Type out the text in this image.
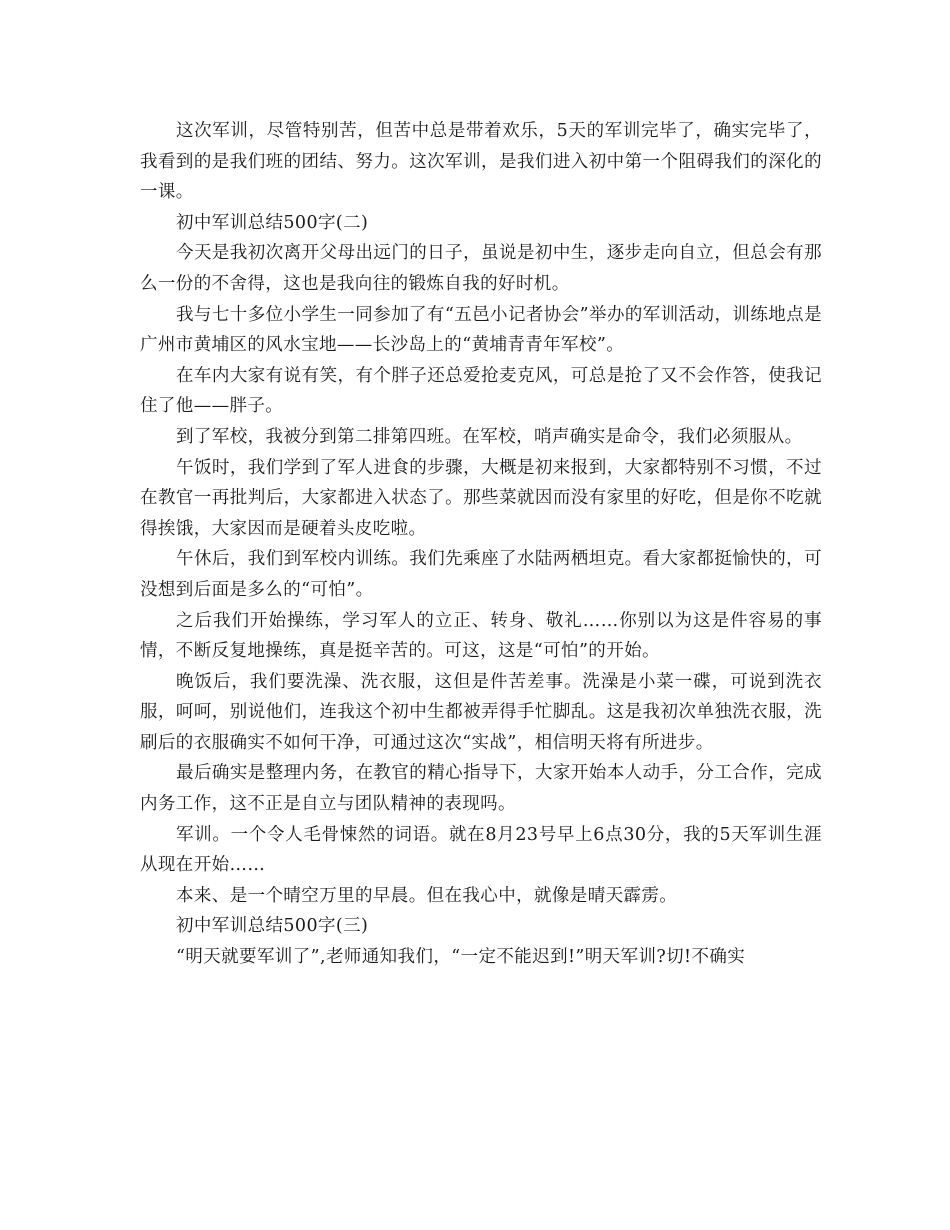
这次军训，尽管特别苦，但苦中总是带着欢乐，5天的军训完毕了，确实完毕了，我看到的是我们班的团结、努力。这次军训，是我们进入初中第一个阻碍我们的深化的一课。

初中军训总结500字(二)

今天是我初次离开父母出远门的日子，虽说是初中生，逐步走向自立，但总会有那么一份的不舍得，这也是我向往的锻炼自我的好时机。

我与七十多位小学生一同参加了有“五邑小记者协会”举办的军训活动，训练地点是广州市黄埔区的风水宝地——长沙岛上的“黄埔青青年军校”。

在车内大家有说有笑，有个胖子还总爱抢麦克风，可总是抢了又不会作答，使我记住了他——胖子。

到了军校，我被分到第二排第四班。在军校，哨声确实是命令，我们必须服从。

午饭时，我们学到了军人进食的步骤，大概是初来报到，大家都特别不习惯，不过在教官一再批判后，大家都进入状态了。那些菜就因而没有家里的好吃，但是你不吃就得挨饿，大家因而是硬着头皮吃啦。

午休后，我们到军校内训练。我们先乘座了水陆两栖坦克。看大家都挺愉快的，可没想到后面是多么的“可怕”。

之后我们开始操练，学习军人的立正、转身、敬礼……你别以为这是件容易的事情，不断反复地操练，真是挺辛苦的。可这，这是“可怕”的开始。

晚饭后，我们要洗澡、洗衣服，这但是件苦差事。洗澡是小菜一碟，可说到洗衣服，呵呵，别说他们，连我这个初中生都被弄得手忙脚乱。这是我初次单独洗衣服，洗刷后的衣服确实不如何干净，可通过这次“实战”，相信明天将有所进步。

最后确实是整理内务，在教官的精心指导下，大家开始本人动手，分工合作，完成内务工作，这不正是自立与团队精神的表现吗。

军训。一个令人毛骨悚然的词语。就在8月23号早上6点30分，我的5天军训生涯从现在开始……

本来、是一个晴空万里的早晨。但在我心中，就像是晴天霹雳。

初中军训总结500字(三)

“明天就要军训了”,老师通知我们，“一定不能迟到!”明天军训?切!不确实
